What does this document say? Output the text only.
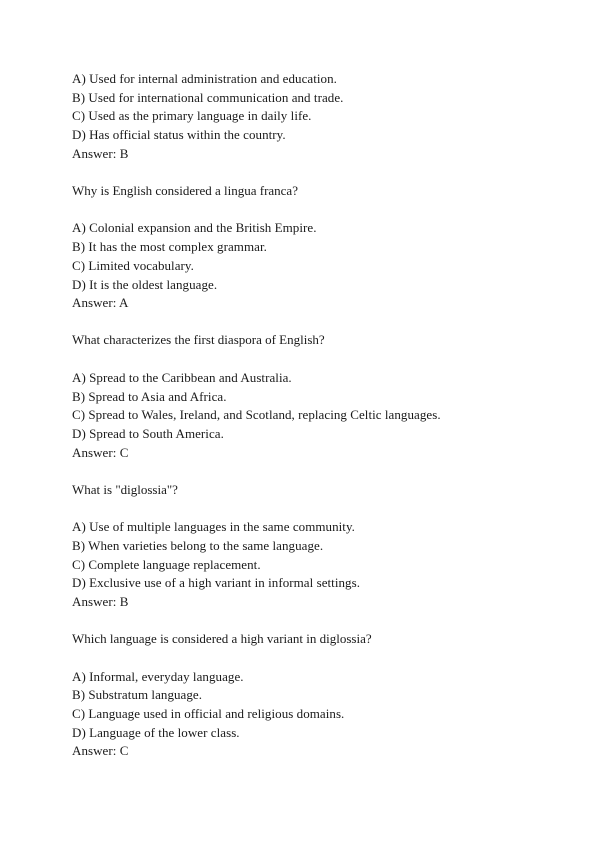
A) Used for internal administration and education.
B) Used for international communication and trade.
C) Used as the primary language in daily life.
D) Has official status within the country.
Answer: B
Why is English considered a lingua franca?
A) Colonial expansion and the British Empire.
B) It has the most complex grammar.
C) Limited vocabulary.
D) It is the oldest language.
Answer: A
What characterizes the first diaspora of English?
A) Spread to the Caribbean and Australia.
B) Spread to Asia and Africa.
C) Spread to Wales, Ireland, and Scotland, replacing Celtic languages.
D) Spread to South America.
Answer: C
What is "diglossia"?
A) Use of multiple languages in the same community.
B) When varieties belong to the same language.
C) Complete language replacement.
D) Exclusive use of a high variant in informal settings.
Answer: B
Which language is considered a high variant in diglossia?
A) Informal, everyday language.
B) Substratum language.
C) Language used in official and religious domains.
D) Language of the lower class.
Answer: C
